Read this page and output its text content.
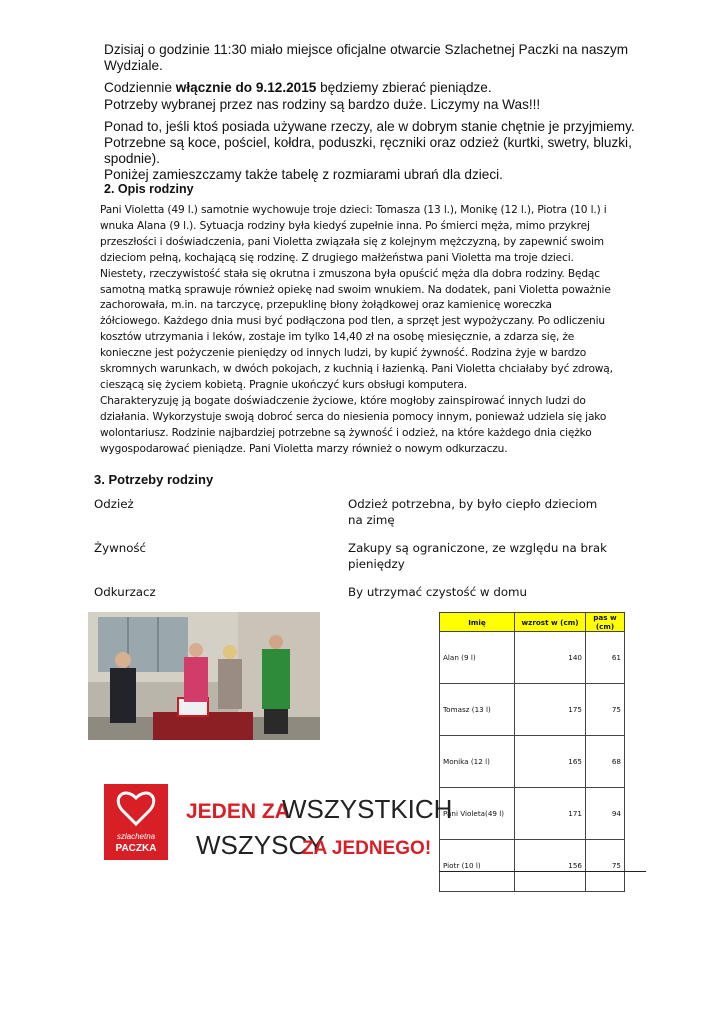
Dzisiaj o godzinie 11:30 miało miejsce oficjalne otwarcie Szlachetnej Paczki na naszym Wydziale.

Codziennie włącznie do 9.12.2015 będziemy zbierać pieniądze.

Potrzeby wybranej przez nas rodziny są bardzo duże. Liczymy na Was!!!

Ponad to, jeśli ktoś posiada używane rzeczy, ale w dobrym stanie chętnie je przyjmiemy. Potrzebne są koce, pościel, kołdra, poduszki, ręczniki oraz odzież (kurtki, swetry, bluzki, spodnie).

Poniżej zamieszczamy także tabelę z rozmiarami ubrań dla dzieci.

2. Opis rodziny
Pani Violetta (49 l.) samotnie wychowuje troje dzieci: Tomasza (13 l.), Monikę (12 l.), Piotra (10 l.) i
wnuka Alana (9 l.). Sytuacja rodziny była kiedyś zupełnie inna. Po śmierci męża, mimo przykrej
przeszłości i doświadczenia, pani Violetta związała się z kolejnym mężczyzną, by zapewnić swoim
dzieciom pełną, kochającą się rodzinę. Z drugiego małżeństwa pani Violetta ma troje dzieci.
Niestety, rzeczywistość stała się okrutna i zmuszona była opuścić męża dla dobra rodziny. Będąc
samotną matką sprawuje również opiekę nad swoim wnukiem. Na dodatek, pani Violetta poważnie
zachorowała, m.in. na tarczycę, przepuklinę błony żołądkowej oraz kamienicę woreczka
żółciowego. Każdego dnia musi być podłączona pod tlen, a sprzęt jest wypożyczany. Po odliczeniu
kosztów utrzymania i leków, zostaje im tylko 14,40 zł na osobę miesięcznie, a zdarza się, że
konieczne jest pożyczenie pieniędzy od innych ludzi, by kupić żywność. Rodzina żyje w bardzo
skromnych warunkach, w dwóch pokojach, z kuchnią i łazienką. Pani Violetta chciałaby być zdrową,
cieszącą się życiem kobietą. Pragnie ukończyć kurs obsługi komputera.
Charakteryzuję ją bogate doświadczenie życiowe, które mogłoby zainspirować innych ludzi do
działania. Wykorzystuje swoją dobroć serca do niesienia pomocy innym, ponieważ udziela się jako
wolontariusz. Rodzinie najbardziej potrzebne są żywność i odzież, na które każdego dnia ciężko
wygospodarować pieniądze. Pani Violetta marzy również o nowym odkurzaczu.
3. Potrzeby rodziny
Odzież	Odzież potrzebna, by było ciepło dzieciom
na zimę
Żywność	Zakupy są ograniczone, ze względu na brak
pieniędzy
Odkurzacz	By utrzymać czystość w domu
Imię	wzrost w (cm)	pas w (cm)
Alan (9 l)	140	61
Tomasz (13 l)	175	75
Monika (12 l)	165	68
Pani Violeta(49 l)	171	94
Piotr (10 l)	156	75
szlachetna
PACZKA
JEDEN ZA
WSZYSTKICH
WSZYSCY
ZA JEDNEGO!
